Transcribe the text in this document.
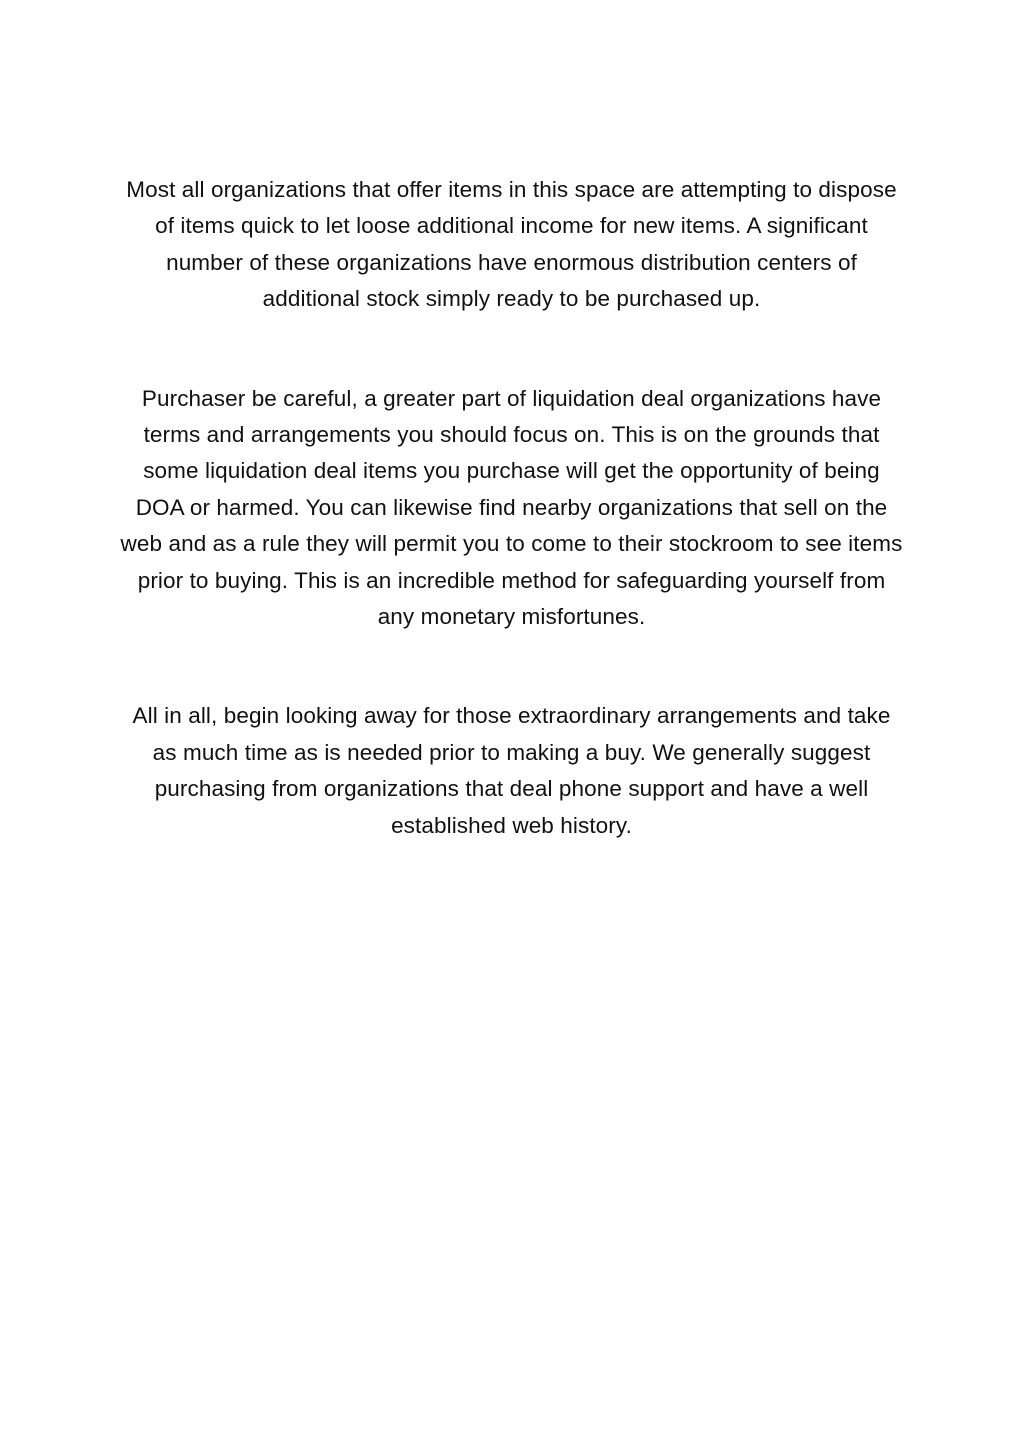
Most all organizations that offer items in this space are attempting to dispose of items quick to let loose additional income for new items. A significant number of these organizations have enormous distribution centers of additional stock simply ready to be purchased up.

Purchaser be careful, a greater part of liquidation deal organizations have terms and arrangements you should focus on. This is on the grounds that some liquidation deal items you purchase will get the opportunity of being DOA or harmed. You can likewise find nearby organizations that sell on the web and as a rule they will permit you to come to their stockroom to see items prior to buying. This is an incredible method for safeguarding yourself from any monetary misfortunes.

All in all, begin looking away for those extraordinary arrangements and take as much time as is needed prior to making a buy. We generally suggest purchasing from organizations that deal phone support and have a well established web history.
